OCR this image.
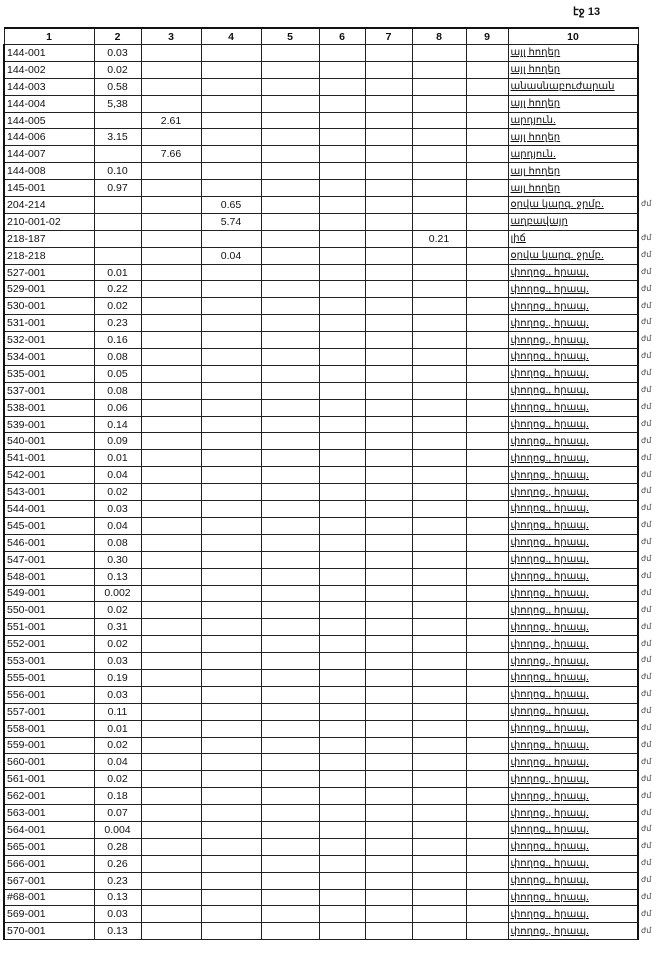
էջ 13
1	2	3	4	5	6	7	8	9	10
144-001	0.03								այլ հողեր
144-002	0.02								այլ հողեր
144-003	0.58								անասնաբուժարան
144-004	5,38								այլ հողեր
144-005		2.61							արդյուն.
144-006	3.15								այլ հողեր
144-007		7.66							արդյուն.
144-008	0.10								այլ հողեր
145-001	0.97								այլ հողեր
204-214			0.65						օրվա կարգ. ջրմբ.
210-001-02			5.74						աղբավայր
218-187							0.21		լիճ
218-218			0.04						օրվա կարգ. ջրմբ.
527-001	0.01								փողոց., հրապ.
529-001	0.22								փողոց., հրապ.
530-001	0.02								փողոց., հրապ.
531-001	0.23								փողոց., հրապ.
532-001	0.16								փողոց., հրապ.
534-001	0.08								փողոց., հրապ.
535-001	0.05								փողոց., հրապ.
537-001	0.08								փողոց., հրապ.
538-001	0.06								փողոց., հրապ.
539-001	0.14								փողոց., հրապ.
540-001	0.09								փողոց., հրապ.
541-001	0.01								փողոց., հրապ.
542-001	0.04								փողոց., հրապ.
543-001	0.02								փողոց., հրապ.
544-001	0.03								փողոց., հրապ.
545-001	0.04								փողոց., հրապ.
546-001	0.08								փողոց., հրապ.
547-001	0.30								փողոց., հրապ.
548-001	0.13								փողոց., հրապ.
549-001	0.002								փողոց., հրապ.
550-001	0.02								փողոց., հրապ.
551-001	0.31								փողոց., հրապ.
552-001	0.02								փողոց., հրապ.
553-001	0.03								փողոց., հրապ.
555-001	0.19								փողոց., հրապ.
556-001	0.03								փողոց., հրապ.
557-001	0.11								փողոց., հրապ.
558-001	0.01								փողոց., հրապ.
559-001	0.02								փողոց., հրապ.
560-001	0.04								փողոց., հրապ.
561-001	0.02								փողոց., հրապ.
562-001	0.18								փողոց., հրապ.
563-001	0.07								փողոց., հրապ.
564-001	0.004								փողոց., հրապ.
565-001	0.28								փողոց., հրապ.
566-001	0.26								փողոց., հրապ.
567-001	0.23								փողոց., հրապ.
#68-001	0.13								փողոց., հրապ.
569-001	0.03								փողոց., հրապ.
570-001	0.13								փողոց., հրապ.
ժմ
ժմ
ժմ
ժմ
ժմ
ժմ
ժմ
ժմ
ժմ
ժմ
ժմ
ժմ
ժմ
ժմ
ժմ
ժմ
ժմ
ժմ
ժմ
ժմ
ժմ
ժմ
ժմ
ժմ
ժմ
ժմ
ժմ
ժմ
ժմ
ժմ
ժմ
ժմ
ժմ
ժմ
ժմ
ժմ
ժմ
ժմ
ժմ
ժմ
ժմ
ժմ
ժմ
